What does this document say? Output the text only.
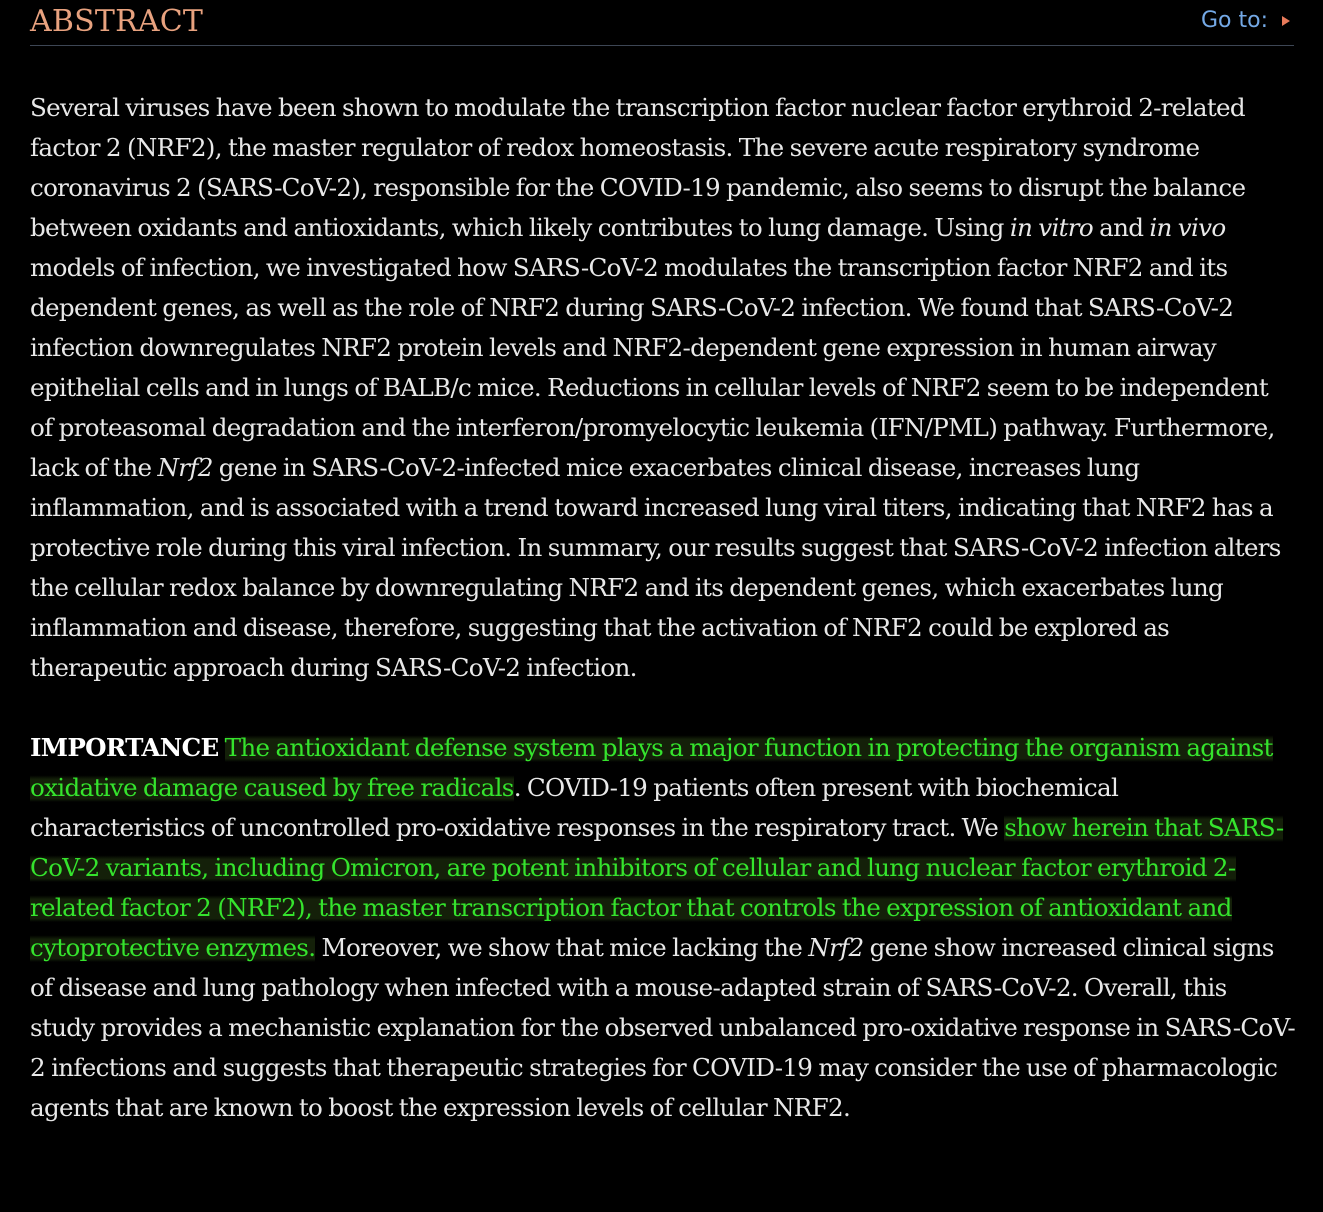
ABSTRACT	Go to:

Several viruses have been shown to modulate the transcription factor nuclear factor erythroid 2-related factor 2 (NRF2), the master regulator of redox homeostasis. The severe acute respiratory syndrome coronavirus 2 (SARS-CoV-2), responsible for the COVID-19 pandemic, also seems to disrupt the balance between oxidants and antioxidants, which likely contributes to lung damage. Using in vitro and in vivo models of infection, we investigated how SARS-CoV-2 modulates the transcription factor NRF2 and its dependent genes, as well as the role of NRF2 during SARS-CoV-2 infection. We found that SARS-CoV-2 infection downregulates NRF2 protein levels and NRF2-dependent gene expression in human airway epithelial cells and in lungs of BALB/c mice. Reductions in cellular levels of NRF2 seem to be independent of proteasomal degradation and the interferon/promyelocytic leukemia (IFN/PML) pathway. Furthermore, lack of the Nrf2 gene in SARS-CoV-2-infected mice exacerbates clinical disease, increases lung inflammation, and is associated with a trend toward increased lung viral titers, indicating that NRF2 has a protective role during this viral infection. In summary, our results suggest that SARS-CoV-2 infection alters the cellular redox balance by downregulating NRF2 and its dependent genes, which exacerbates lung inflammation and disease, therefore, suggesting that the activation of NRF2 could be explored as therapeutic approach during SARS-CoV-2 infection.

IMPORTANCE The antioxidant defense system plays a major function in protecting the organism against oxidative damage caused by free radicals. COVID-19 patients often present with biochemical characteristics of uncontrolled pro-oxidative responses in the respiratory tract. We show herein that SARS-CoV-2 variants, including Omicron, are potent inhibitors of cellular and lung nuclear factor erythroid 2-related factor 2 (NRF2), the master transcription factor that controls the expression of antioxidant and cytoprotective enzymes. Moreover, we show that mice lacking the Nrf2 gene show increased clinical signs of disease and lung pathology when infected with a mouse-adapted strain of SARS-CoV-2. Overall, this study provides a mechanistic explanation for the observed unbalanced pro-oxidative response in SARS-CoV-2 infections and suggests that therapeutic strategies for COVID-19 may consider the use of pharmacologic agents that are known to boost the expression levels of cellular NRF2.
